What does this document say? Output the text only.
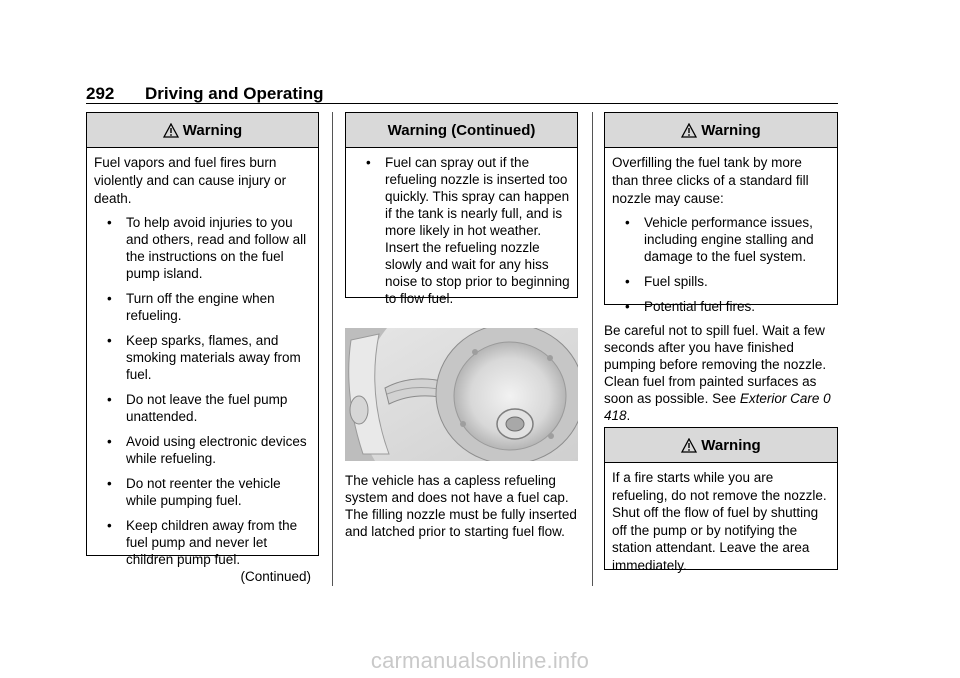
292 Driving and Operating
Warning

Fuel vapors and fuel fires burn violently and can cause injury or death.

• To help avoid injuries to you and others, read and follow all the instructions on the fuel pump island.
• Turn off the engine when refueling.
• Keep sparks, flames, and smoking materials away from fuel.
• Do not leave the fuel pump unattended.
• Avoid using electronic devices while refueling.
• Do not reenter the vehicle while pumping fuel.
• Keep children away from the fuel pump and never let children pump fuel.
(Continued)
Warning (Continued)
• Fuel can spray out if the refueling nozzle is inserted too quickly. This spray can happen if the tank is nearly full, and is more likely in hot weather. Insert the refueling nozzle slowly and wait for any hiss noise to stop prior to beginning to flow fuel.

The vehicle has a capless refueling system and does not have a fuel cap. The filling nozzle must be fully inserted and latched prior to starting fuel flow.

Warning

Overfilling the fuel tank by more than three clicks of a standard fill nozzle may cause:

• Vehicle performance issues, including engine stalling and damage to the fuel system.
• Fuel spills.
• Potential fuel fires.

Be careful not to spill fuel. Wait a few seconds after you have finished pumping before removing the nozzle. Clean fuel from painted surfaces as soon as possible. See Exterior Care 0 418.

Warning

If a fire starts while you are refueling, do not remove the nozzle. Shut off the flow of fuel by shutting off the pump or by notifying the station attendant. Leave the area immediately.

carmanualsonline.info
